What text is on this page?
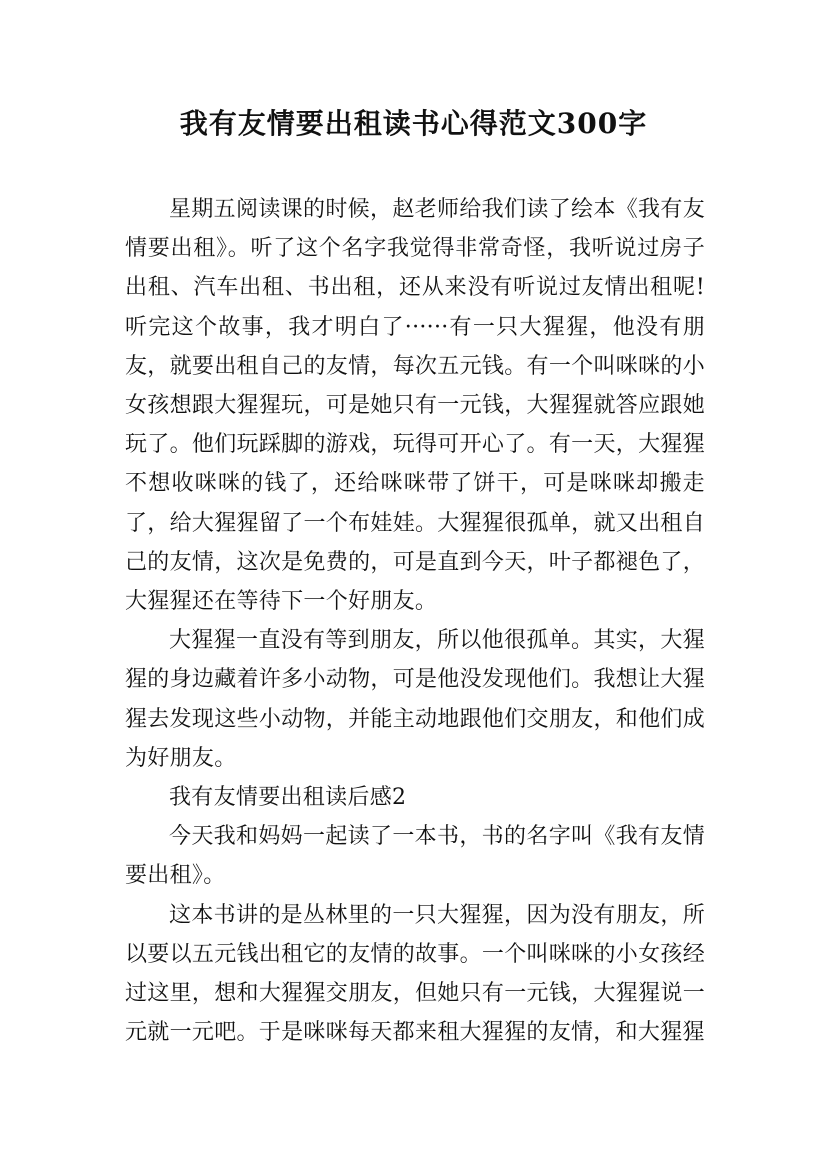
我有友情要出租读书心得范文300字

星期五阅读课的时候，赵老师给我们读了绘本《我有友情要出租》。听了这个名字我觉得非常奇怪，我听说过房子出租、汽车出租、书出租，还从来没有听说过友情出租呢!听完这个故事，我才明白了······有一只大猩猩，他没有朋友，就要出租自己的友情，每次五元钱。有一个叫咪咪的小女孩想跟大猩猩玩，可是她只有一元钱，大猩猩就答应跟她玩了。他们玩踩脚的游戏，玩得可开心了。有一天，大猩猩不想收咪咪的钱了，还给咪咪带了饼干，可是咪咪却搬走了，给大猩猩留了一个布娃娃。大猩猩很孤单，就又出租自己的友情，这次是免费的，可是直到今天，叶子都褪色了，大猩猩还在等待下一个好朋友。

大猩猩一直没有等到朋友，所以他很孤单。其实，大猩猩的身边藏着许多小动物，可是他没发现他们。我想让大猩猩去发现这些小动物，并能主动地跟他们交朋友，和他们成为好朋友。

我有友情要出租读后感2

今天我和妈妈一起读了一本书，书的名字叫《我有友情要出租》。

这本书讲的是丛林里的一只大猩猩，因为没有朋友，所以要以五元钱出租它的友情的故事。一个叫咪咪的小女孩经过这里，想和大猩猩交朋友，但她只有一元钱，大猩猩说一元就一元吧。于是咪咪每天都来租大猩猩的友情，和大猩猩
